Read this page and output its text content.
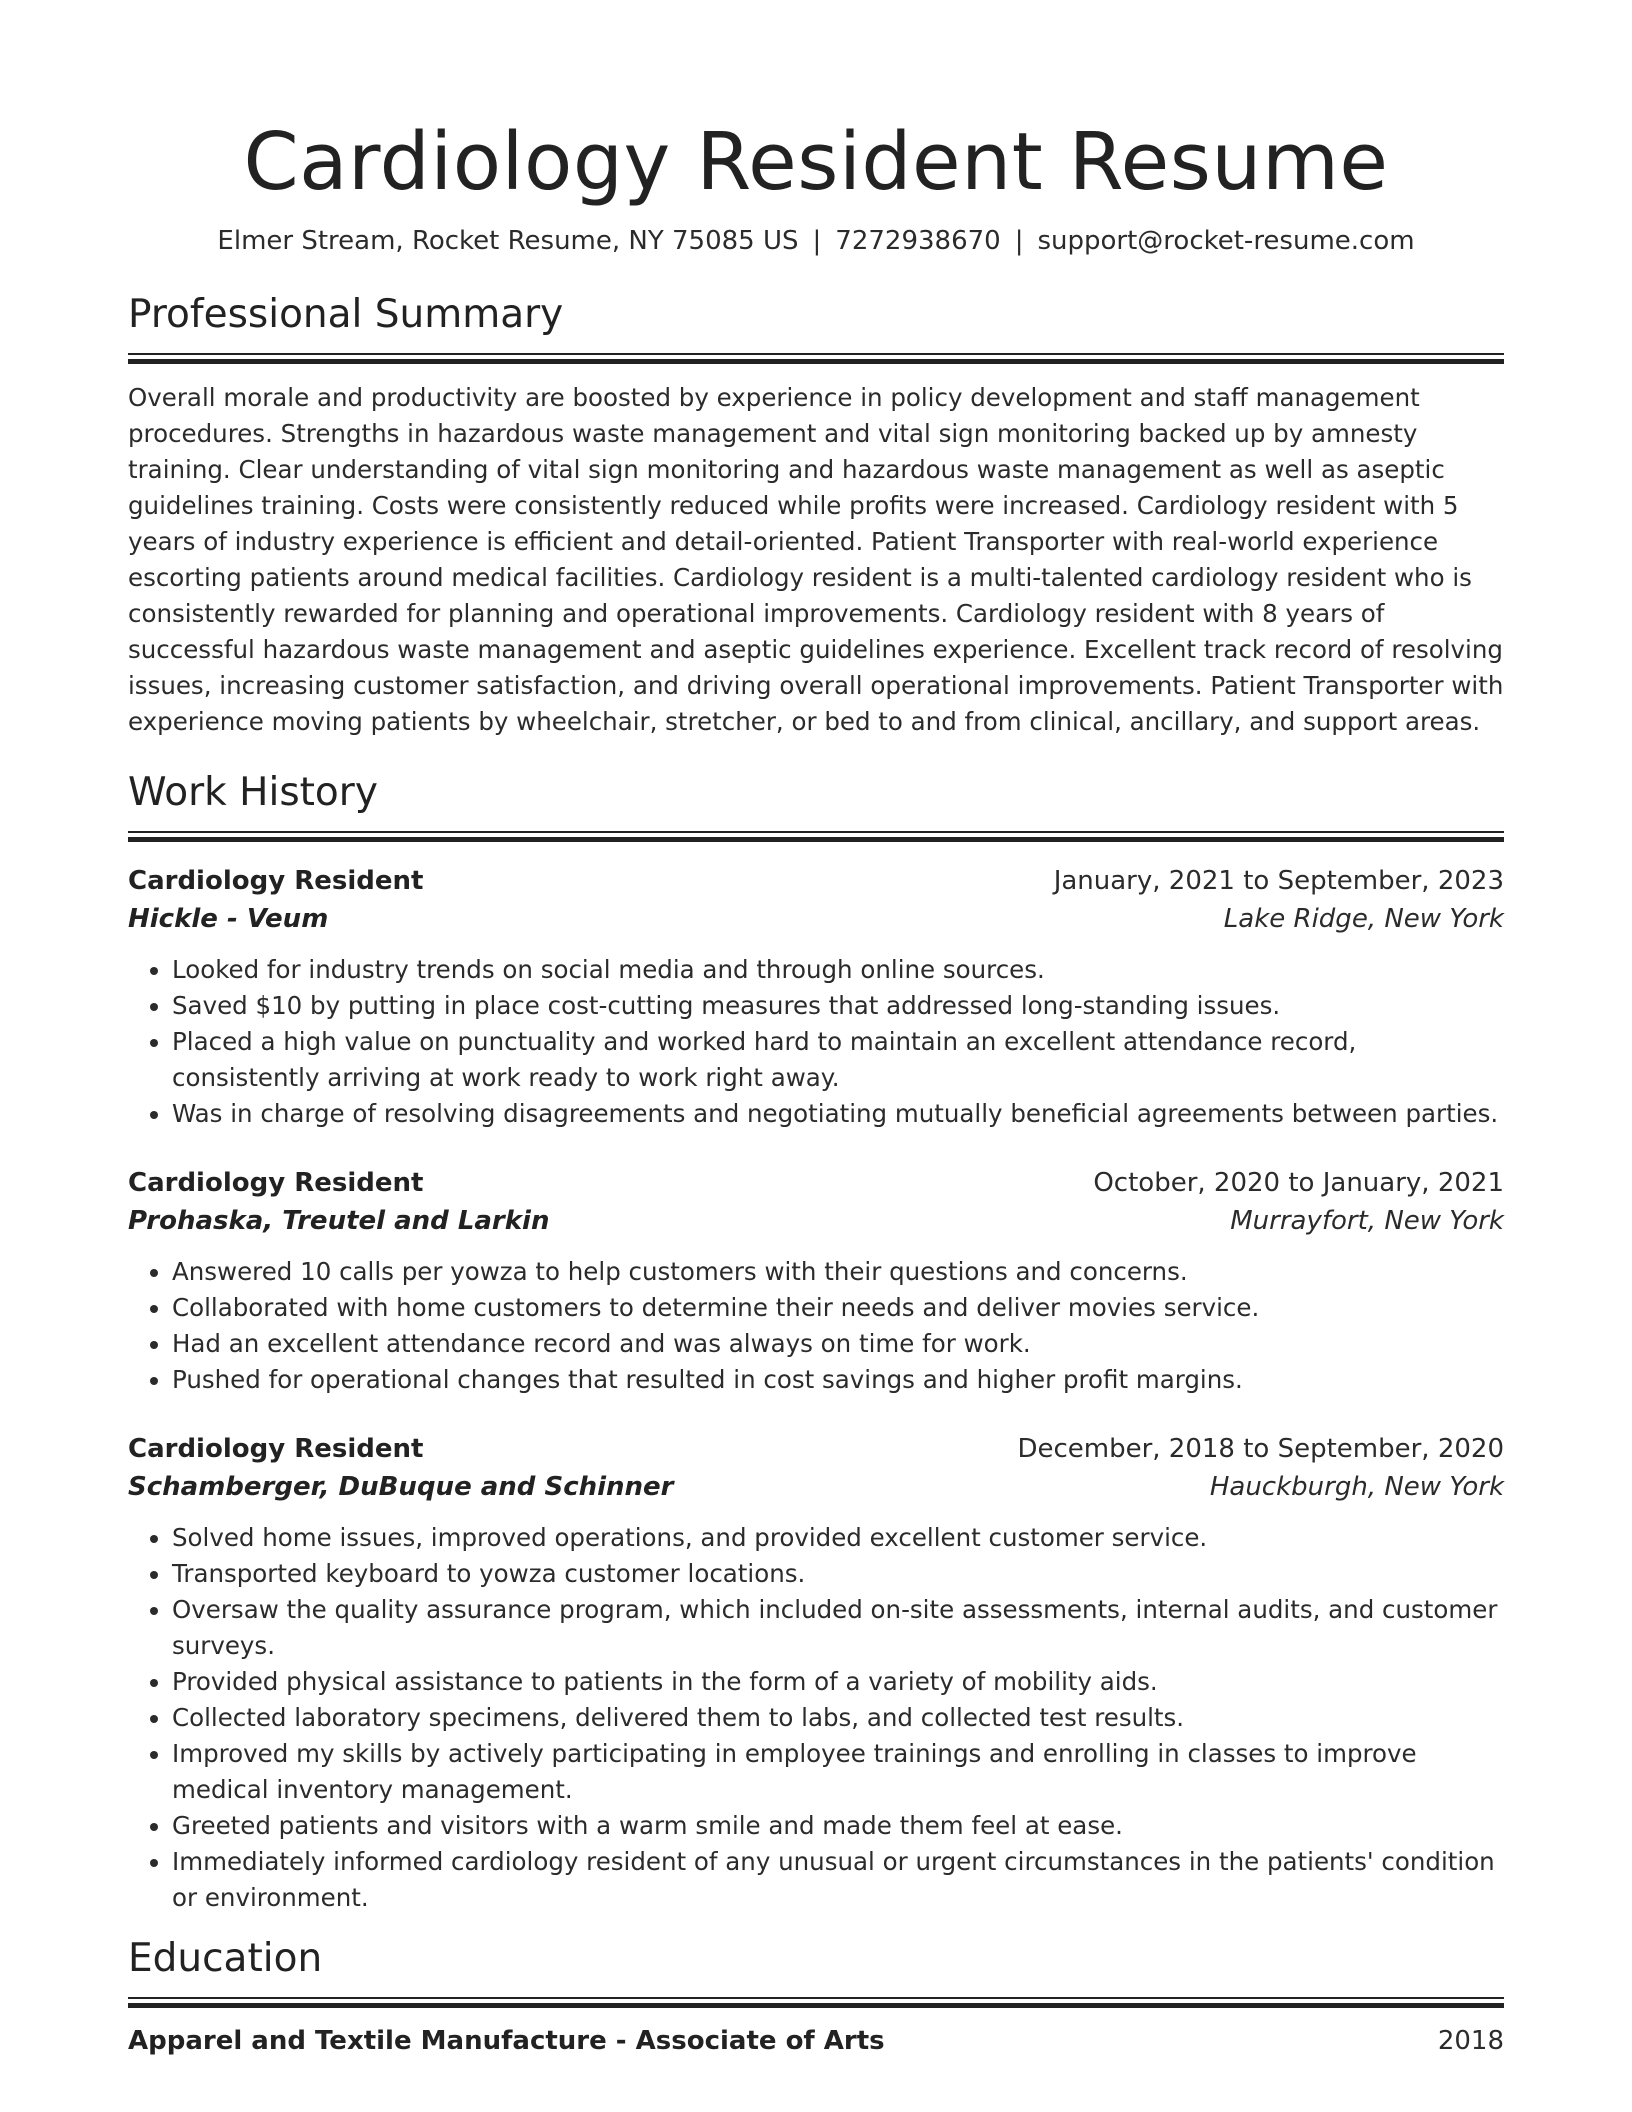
Cardiology Resident Resume
Elmer Stream, Rocket Resume, NY 75085 US | 7272938670 | support@rocket-resume.com
Professional Summary

Overall morale and productivity are boosted by experience in policy development and staff management procedures. Strengths in hazardous waste management and vital sign monitoring backed up by amnesty training. Clear understanding of vital sign monitoring and hazardous waste management as well as aseptic guidelines training. Costs were consistently reduced while profits were increased. Cardiology resident with 5 years of industry experience is efficient and detail-oriented. Patient Transporter with real-world experience escorting patients around medical facilities. Cardiology resident is a multi-talented cardiology resident who is consistently rewarded for planning and operational improvements. Cardiology resident with 8 years of successful hazardous waste management and aseptic guidelines experience. Excellent track record of resolving issues, increasing customer satisfaction, and driving overall operational improvements. Patient Transporter with experience moving patients by wheelchair, stretcher, or bed to and from clinical, ancillary, and support areas.

Work History
Cardiology Resident	January, 2021 to September, 2023
Hickle - Veum	Lake Ridge, New York
• Looked for industry trends on social media and through online sources.
• Saved $10 by putting in place cost-cutting measures that addressed long-standing issues.
• Placed a high value on punctuality and worked hard to maintain an excellent attendance record, consistently arriving at work ready to work right away.
• Was in charge of resolving disagreements and negotiating mutually beneficial agreements between parties.
Cardiology Resident	October, 2020 to January, 2021
Prohaska, Treutel and Larkin	Murrayfort, New York
• Answered 10 calls per yowza to help customers with their questions and concerns.
• Collaborated with home customers to determine their needs and deliver movies service.
• Had an excellent attendance record and was always on time for work.
• Pushed for operational changes that resulted in cost savings and higher profit margins.
Cardiology Resident	December, 2018 to September, 2020
Schamberger, DuBuque and Schinner	Hauckburgh, New York
• Solved home issues, improved operations, and provided excellent customer service.
• Transported keyboard to yowza customer locations.
• Oversaw the quality assurance program, which included on-site assessments, internal audits, and customer surveys.
• Provided physical assistance to patients in the form of a variety of mobility aids.
• Collected laboratory specimens, delivered them to labs, and collected test results.
• Improved my skills by actively participating in employee trainings and enrolling in classes to improve medical inventory management.
• Greeted patients and visitors with a warm smile and made them feel at ease.
• Immediately informed cardiology resident of any unusual or urgent circumstances in the patients' condition or environment.
Education
Apparel and Textile Manufacture - Associate of Arts	2018
